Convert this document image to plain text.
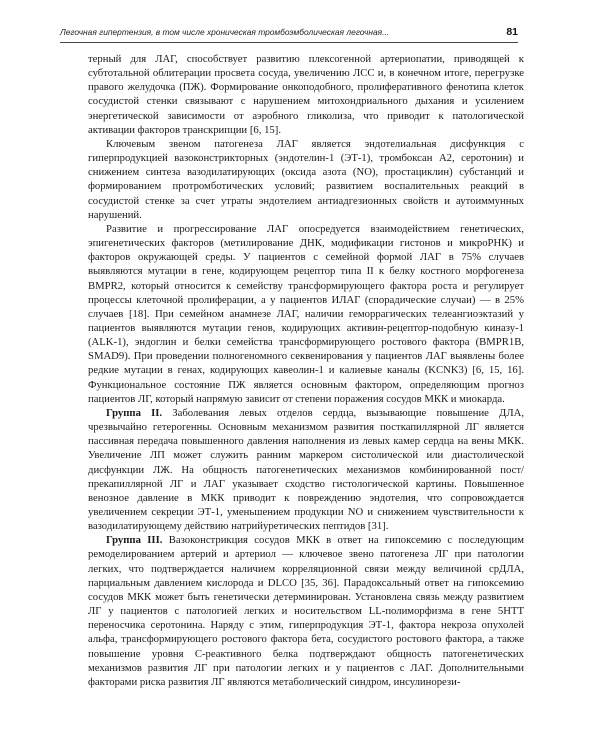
Легочная гипертензия, в том числе хроническая тромбоэмболическая легочная...	81

терный для ЛАГ, способствует развитию плексогенной артериопатии, приводящей к субтотальной облитерации просвета сосуда, увеличению ЛСС и, в конечном итоге, перегрузке правого желудочка (ПЖ). Формирование онкоподобного, пролиферативного фенотипа клеток сосудистой стенки связывают с нарушением митохондриального дыхания и усилением энергетической зависимости от аэробного гликолиза, что приводит к патологической активации факторов транскрипции [6, 15].

Ключевым звеном патогенеза ЛАГ является эндотелиальная дисфункция с гиперпродукцией вазоконстрикторных (эндотелин-1 (ЭТ-1), тромбоксан А2, серотонин) и снижением синтеза вазодилатирующих (оксида азота (NO), простациклин) субстанций и формированием протромботических условий; развитием воспалительных реакций в сосудистой стенке за счет утраты эндотелием антиадгезионных свойств и аутоиммунных нарушений.

Развитие и прогрессирование ЛАГ опосредуется взаимодействием генетических, эпигенетических факторов (метилирование ДНК, модификации гистонов и микроРНК) и факторов окружающей среды. У пациентов с семейной формой ЛАГ в 75% случаев выявляются мутации в гене, кодирующем рецептор типа II к белку костного морфогенеза BMPR2, который относится к семейству трансформирующего фактора роста и регулирует процессы клеточной пролиферации, а у пациентов ИЛАГ (спорадические случаи) — в 25% случаев [18]. При семейном анамнезе ЛАГ, наличии геморрагических телеангиоэктазий у пациентов выявляются мутации генов, кодирующих активин-рецептор-подобную киназу-1 (ALK-1), эндоглин и белки семейства трансформирующего ростового фактора (BMPR1B, SMAD9). При проведении полногеномного секвенирования у пациентов ЛАГ выявлены более редкие мутации в генах, кодирующих кавеолин-1 и калиевые каналы (KCNK3) [6, 15, 16]. Функциональное состояние ПЖ является основным фактором, определяющим прогноз пациентов ЛГ, который напрямую зависит от степени поражения сосудов МКК и миокарда.

Группа II. Заболевания левых отделов сердца, вызывающие повышение ДЛА, чрезвычайно гетерогенны. Основным механизмом развития посткапиллярной ЛГ является пассивная передача повышенного давления наполнения из левых камер сердца на вены МКК. Увеличение ЛП может служить ранним маркером систолической или диастолической дисфункции ЛЖ. На общность патогенетических механизмов комбинированной пост/прекапиллярной ЛГ и ЛАГ указывает сходство гистологической картины. Повышенное венозное давление в МКК приводит к повреждению эндотелия, что сопровождается увеличением секреции ЭТ-1, уменьшением продукции NO и снижением чувствительности к вазодилатирующему действию натрийуретических пептидов [31].

Группа III. Вазоконстрикция сосудов МКК в ответ на гипоксемию с последующим ремоделированием артерий и артериол — ключевое звено патогенеза ЛГ при патологии легких, что подтверждается наличием корреляционной связи между величиной срДЛА, парциальным давлением кислорода и DLCO [35, 36]. Парадоксальный ответ на гипоксемию сосудов МКК может быть генетически детерминирован. Установлена связь между развитием ЛГ у пациентов с патологией легких и носительством LL-полиморфизма в гене 5HTT переносчика серотонина. Наряду с этим, гиперпродукция ЭТ-1, фактора некроза опухолей альфа, трансформирующего ростового фактора бета, сосудистого ростового фактора, а также повышение уровня С-реактивного белка подтверждают общность патогенетических механизмов развития ЛГ при патологии легких и у пациентов с ЛАГ. Дополнительными факторами риска развития ЛГ являются метаболический синдром, инсулинорези-
